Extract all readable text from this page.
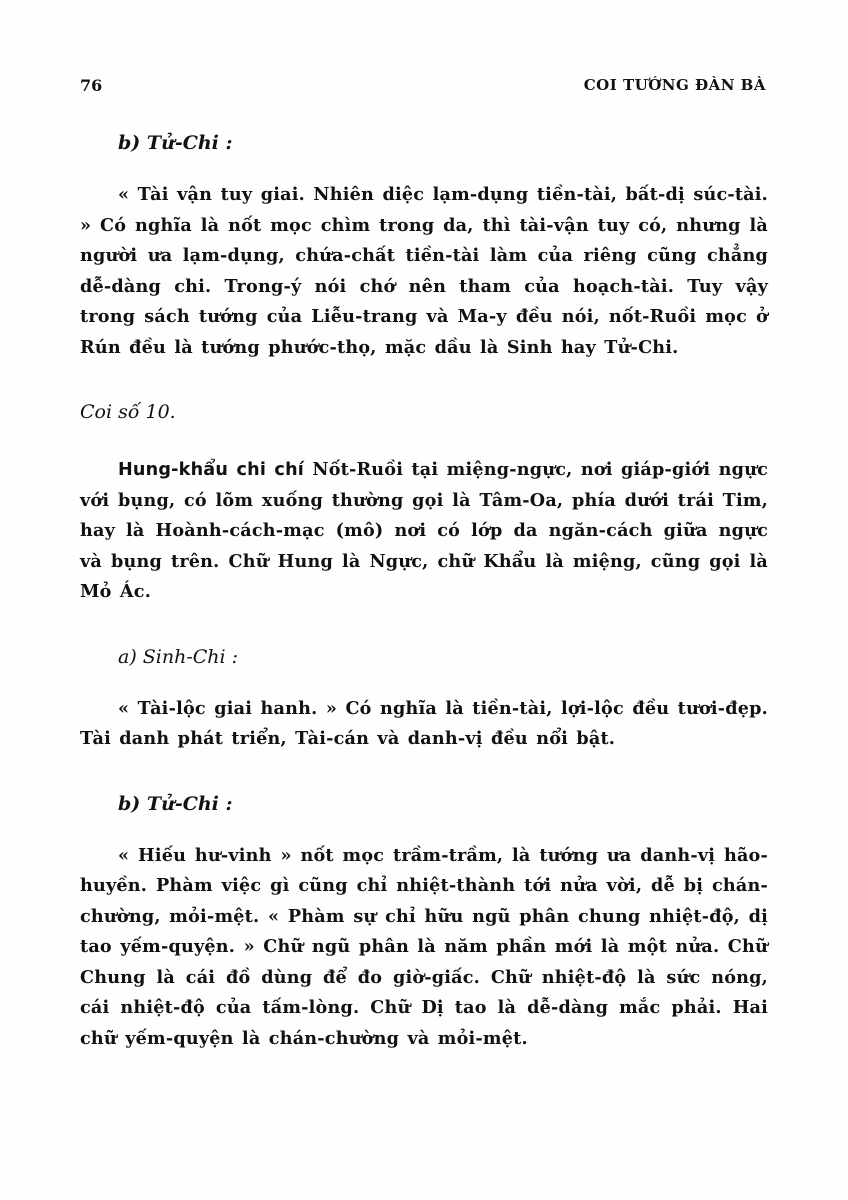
76	COI TƯỚNG ĐÀN BÀ

b) Tử-Chi :

« Tài vận tuy giai. Nhiên diệc lạm-dụng tiền-tài, bất-dị súc-tài. » Có nghĩa là nốt mọc chìm trong da, thì tài-vận tuy có, nhưng là người ưa lạm-dụng, chứa-chất tiền-tài làm của riêng cũng chẳng dễ-dàng chi. Trong-ý nói chớ nên tham của hoạch-tài. Tuy vậy trong sách tướng của Liễu-trang và Ma-y đều nói, nốt-Ruồi mọc ở Rún đều là tướng phước-thọ, mặc dầu là Sinh hay Tử-Chi.

Coi số 10.

Hung-khẩu chi chí Nốt-Ruồi tại miệng-ngực, nơi giáp-giới ngực với bụng, có lõm xuống thường gọi là Tâm-Oa, phía dưới trái Tim, hay là Hoành-cách-mạc (mô) nơi có lớp da ngăn-cách giữa ngực và bụng trên. Chữ Hung là Ngực, chữ Khẩu là miệng, cũng gọi là Mỏ Ác.

a) Sinh-Chi :

« Tài-lộc giai hanh. » Có nghĩa là tiền-tài, lợi-lộc đều tươi-đẹp. Tài danh phát triển, Tài-cán và danh-vị đều nổi bật.

b) Tử-Chi :

« Hiếu hư-vinh » nốt mọc trầm-trầm, là tướng ưa danh-vị hão-huyền. Phàm việc gì cũng chỉ nhiệt-thành tới nửa vời, dễ bị chán-chường, mỏi-mệt. « Phàm sự chỉ hữu ngũ phân chung nhiệt-độ, dị tao yếm-quyện. » Chữ ngũ phân là năm phần mới là một nửa. Chữ Chung là cái đồ dùng để đo giờ-giấc. Chữ nhiệt-độ là sức nóng, cái nhiệt-độ của tấm-lòng. Chữ Dị tao là dễ-dàng mắc phải. Hai chữ yếm-quyện là chán-chường và mỏi-mệt.
